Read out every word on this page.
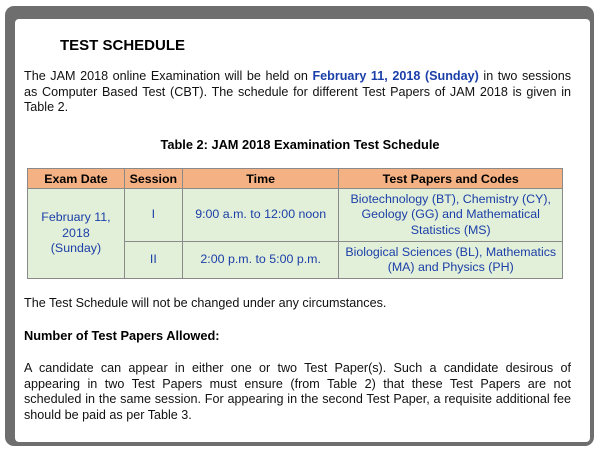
TEST SCHEDULE

The JAM 2018 online Examination will be held on February 11, 2018 (Sunday) in two sessions as Computer Based Test (CBT). The schedule for different Test Papers of JAM 2018 is given in Table 2.

Table 2: JAM 2018 Examination Test Schedule
Exam Date	Session	Time	Test Papers and Codes
February 11, 2018 (Sunday)	I	9:00 a.m. to 12:00 noon	Biotechnology (BT), Chemistry (CY), Geology (GG) and Mathematical Statistics (MS)
	II	2:00 p.m. to 5:00 p.m.	Biological Sciences (BL), Mathematics (MA) and Physics (PH)

The Test Schedule will not be changed under any circumstances.

Number of Test Papers Allowed:

A candidate can appear in either one or two Test Paper(s). Such a candidate desirous of appearing in two Test Papers must ensure (from Table 2) that these Test Papers are not scheduled in the same session. For appearing in the second Test Paper, a requisite additional fee should be paid as per Table 3.
